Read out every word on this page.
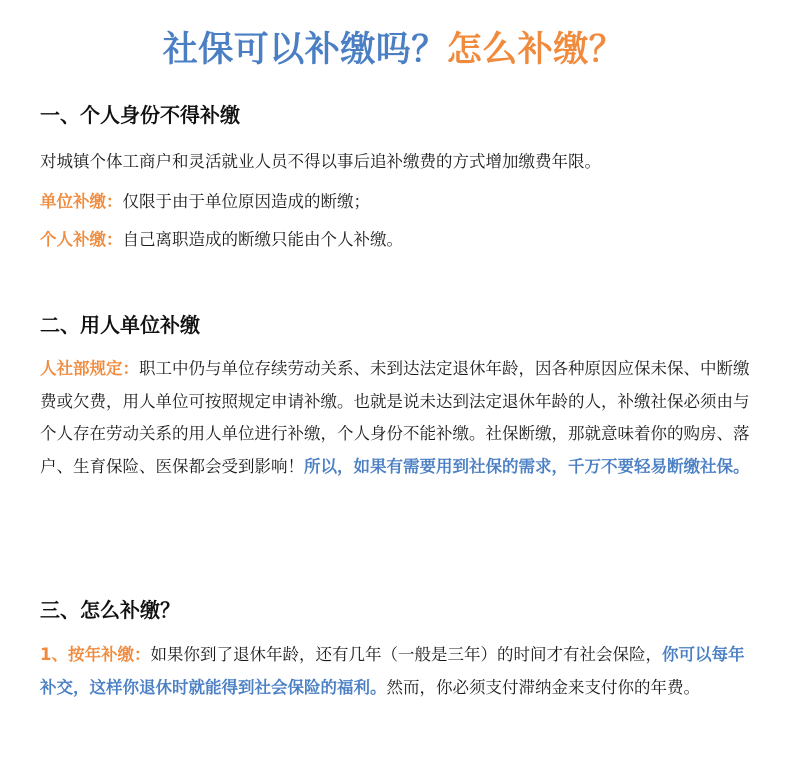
社保可以补缴吗？怎么补缴？
一、个人身份不得补缴

对城镇个体工商户和灵活就业人员不得以事后追补缴费的方式增加缴费年限。

单位补缴：仅限于由于单位原因造成的断缴；

个人补缴：自己离职造成的断缴只能由个人补缴。

二、用人单位补缴

人社部规定：职工中仍与单位存续劳动关系、未到达法定退休年龄，因各种原因应保未保、中断缴费或欠费，用人单位可按照规定申请补缴。也就是说未达到法定退休年龄的人，补缴社保必须由与个人存在劳动关系的用人单位进行补缴，个人身份不能补缴。社保断缴，那就意味着你的购房、落户、生育保险、医保都会受到影响！所以，如果有需要用到社保的需求，千万不要轻易断缴社保。

三、怎么补缴？

1、按年补缴：如果你到了退休年龄，还有几年（一般是三年）的时间才有社会保险，你可以每年补交，这样你退休时就能得到社会保险的福利。然而，你必须支付滞纳金来支付你的年费。
